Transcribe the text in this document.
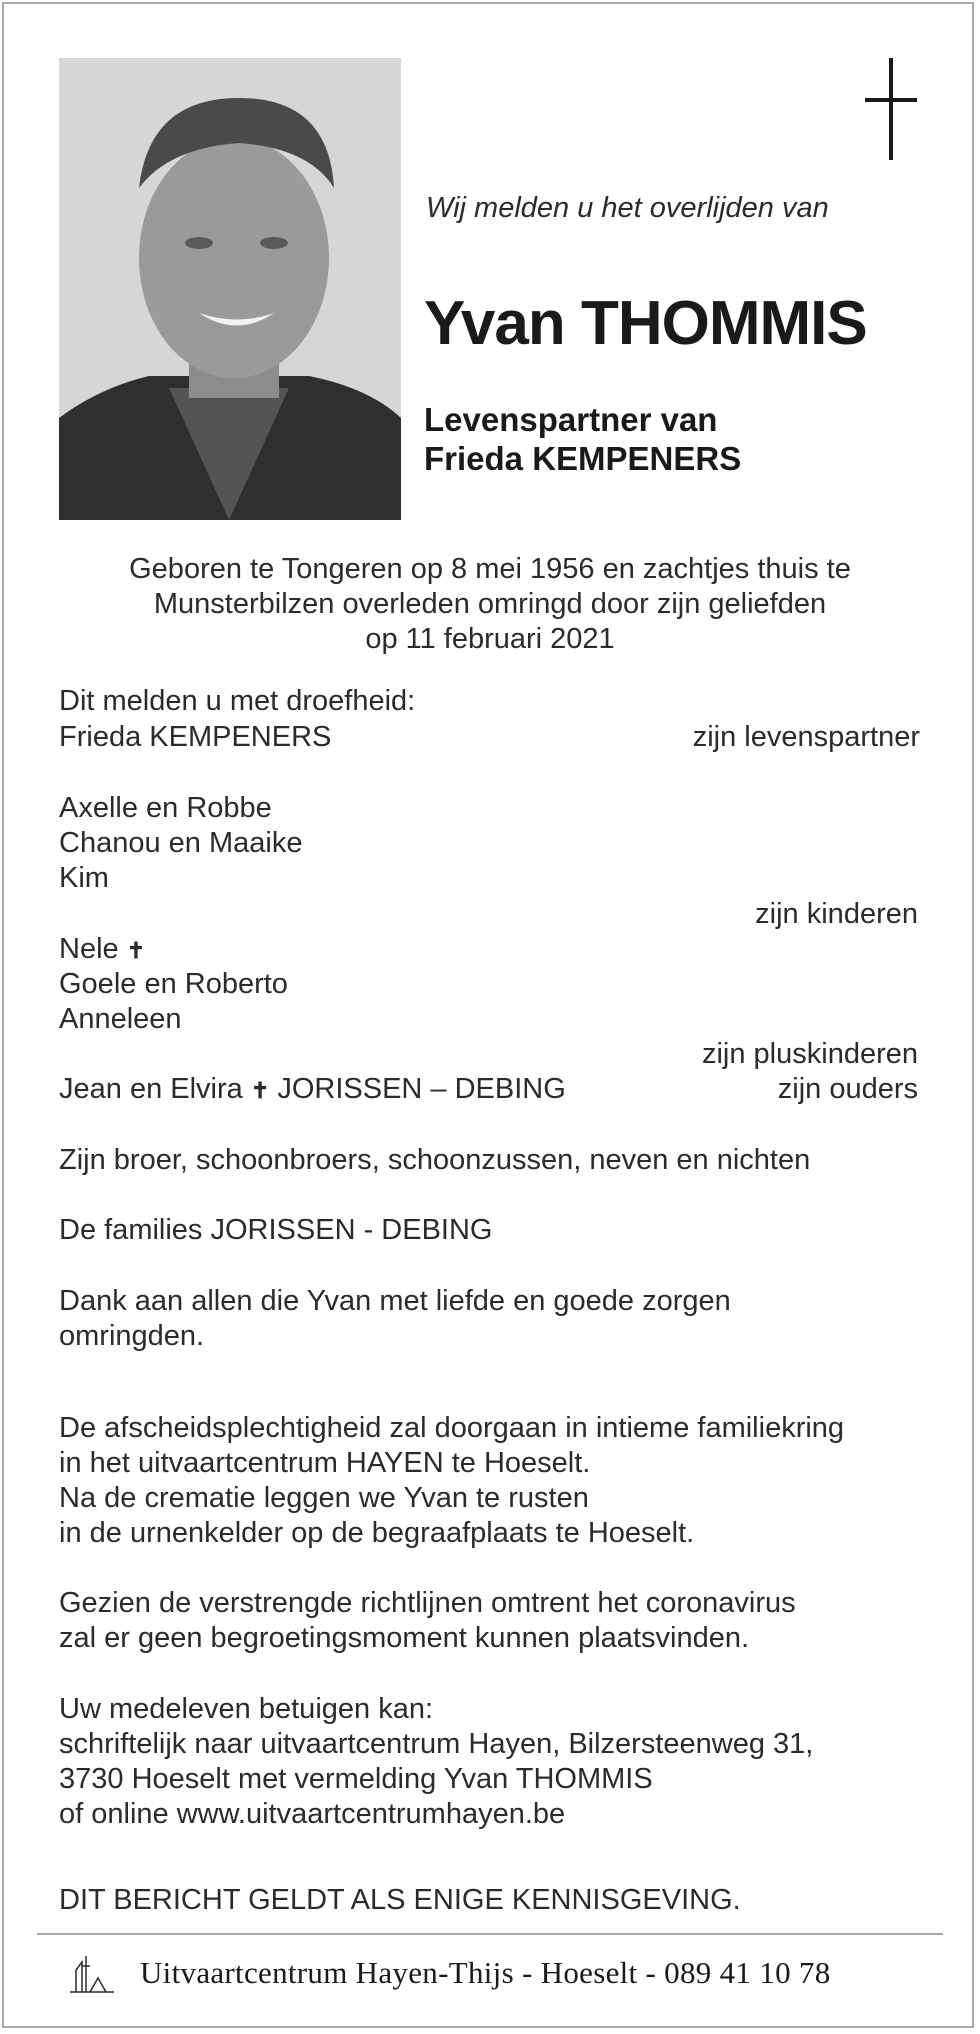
Wij melden u het overlijden van
Yvan THOMMIS
Levenspartner van
Frieda KEMPENERS
Geboren te Tongeren op 8 mei 1956 en zachtjes thuis te
Munsterbilzen overleden omringd door zijn geliefden
op 11 februari 2021
Dit melden u met droefheid:
Frieda KEMPENERS	zijn levenspartner
Axelle en Robbe
Chanou en Maaike
Kim
zijn kinderen
Nele ✝
Goele en Roberto
Anneleen
zijn pluskinderen
Jean en Elvira ✝ JORISSEN – DEBING	zijn ouders
Zijn broer, schoonbroers, schoonzussen, neven en nichten
De families JORISSEN - DEBING
Dank aan allen die Yvan met liefde en goede zorgen
omringden.
De afscheidsplechtigheid zal doorgaan in intieme familiekring
in het uitvaartcentrum HAYEN te Hoeselt.
Na de crematie leggen we Yvan te rusten
in de urnenkelder op de begraafplaats te Hoeselt.
Gezien de verstrengde richtlijnen omtrent het coronavirus
zal er geen begroetingsmoment kunnen plaatsvinden.
Uw medeleven betuigen kan:
schriftelijk naar uitvaartcentrum Hayen, Bilzersteenweg 31,
3730 Hoeselt met vermelding Yvan THOMMIS
of online www.uitvaartcentrumhayen.be
DIT BERICHT GELDT ALS ENIGE KENNISGEVING.
Uitvaartcentrum Hayen-Thijs - Hoeselt - 089 41 10 78
